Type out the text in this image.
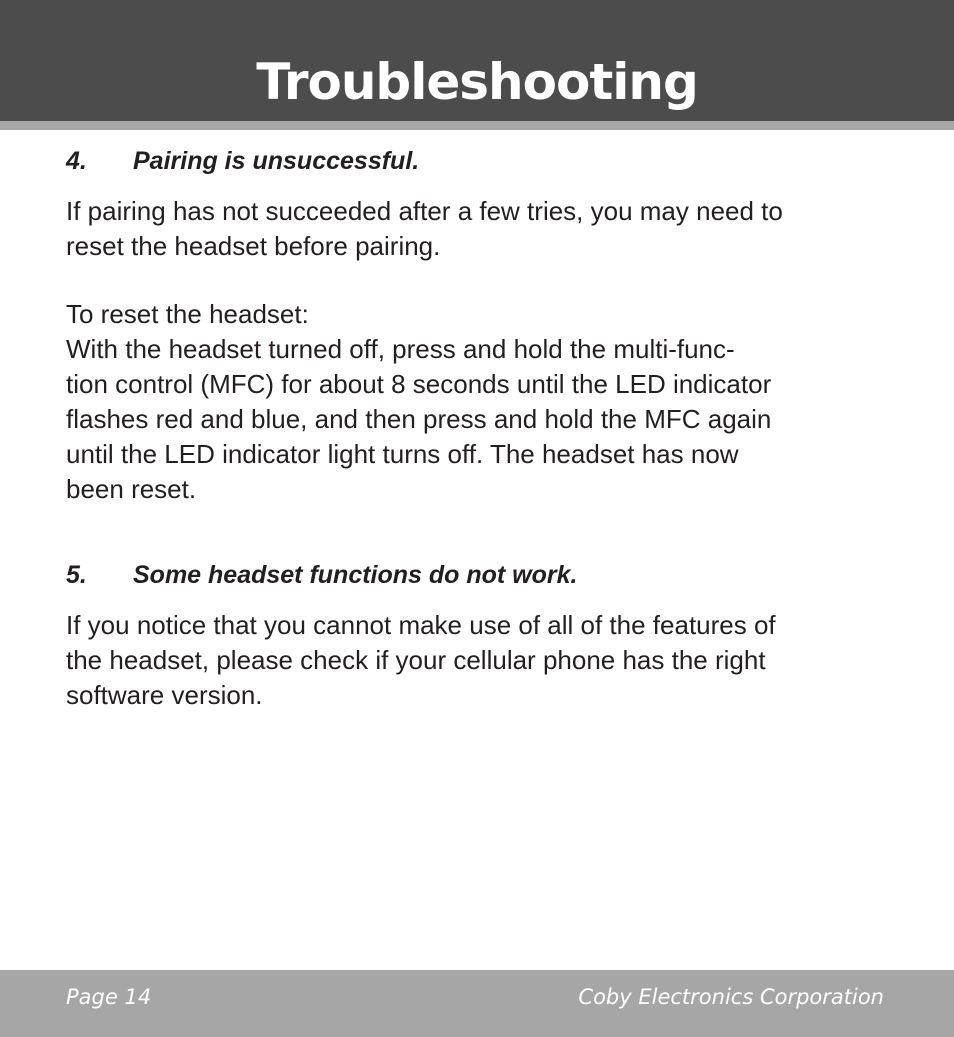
Troubleshooting
4. Pairing is unsuccessful.
If pairing has not succeeded after a few tries, you may need to
reset the headset before pairing.
To reset the headset:
With the headset turned off, press and hold the multi-func-
tion control (MFC) for about 8 seconds until the LED indicator
flashes red and blue, and then press and hold the MFC again
until the LED indicator light turns off. The headset has now
been reset.
5. Some headset functions do not work.
If you notice that you cannot make use of all of the features of
the headset, please check if your cellular phone has the right
software version.
Page 14	Coby Electronics Corporation
